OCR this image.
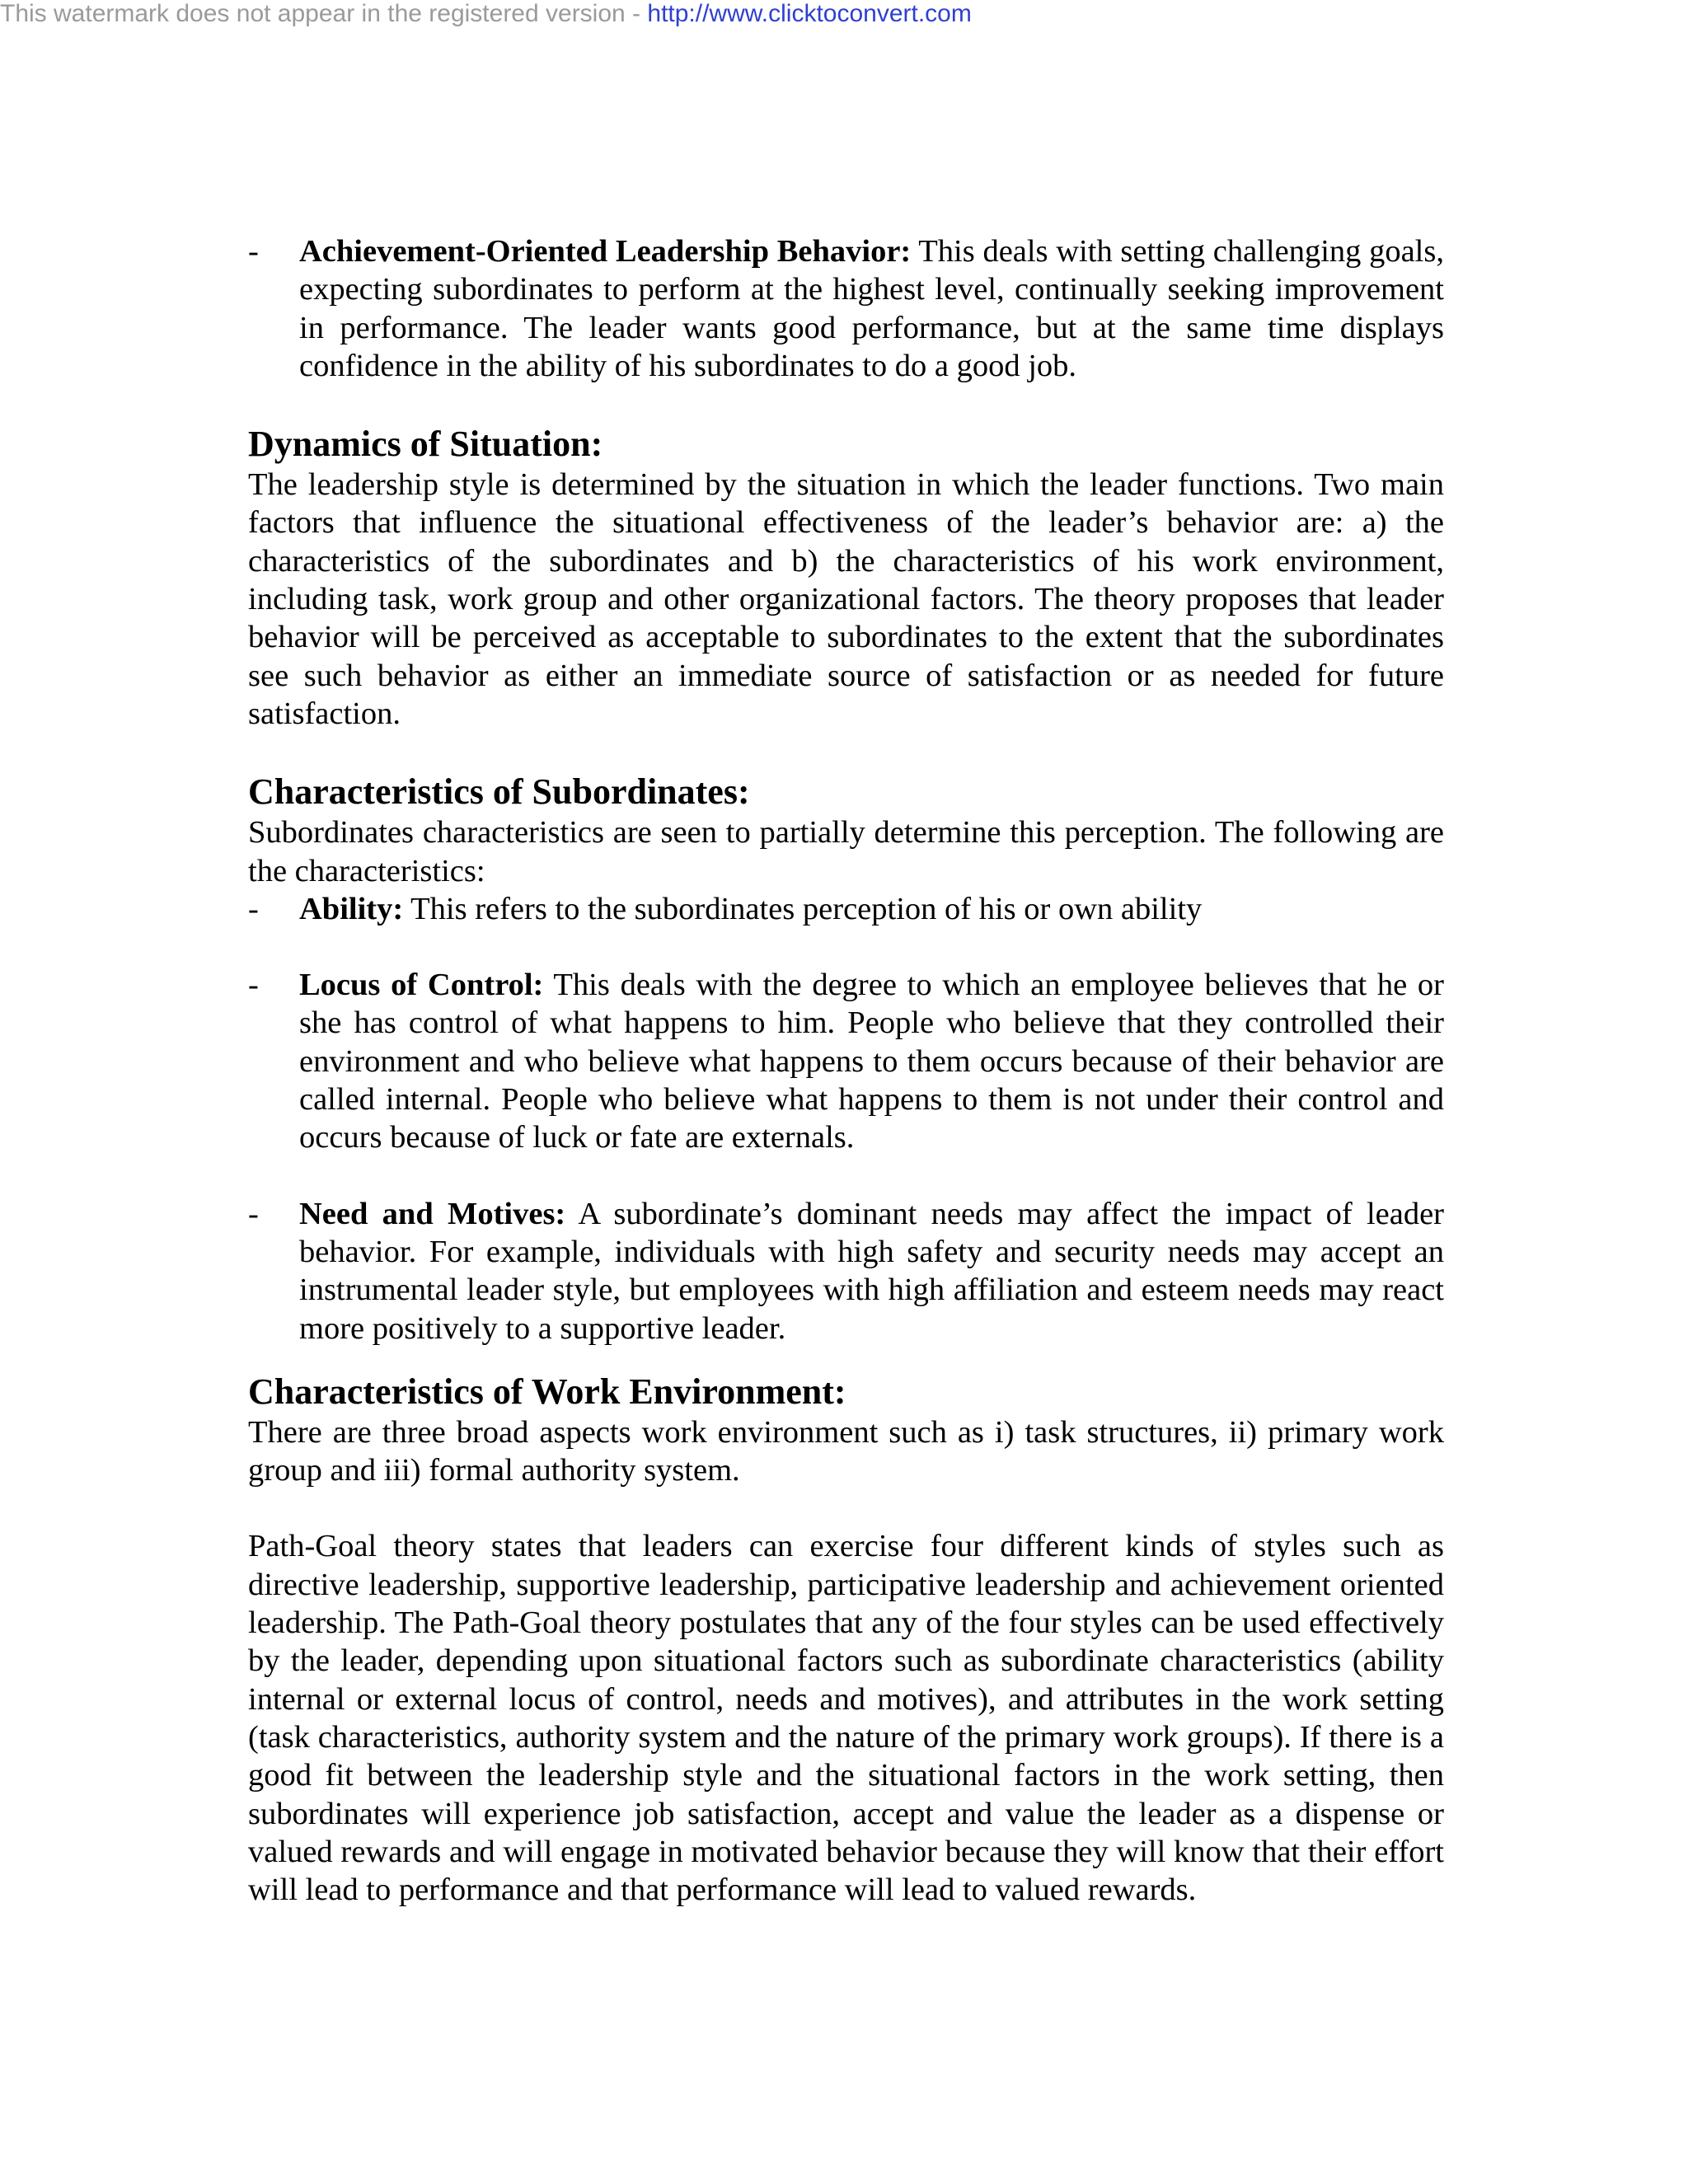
This watermark does not appear in the registered version - http://www.clicktoconvert.com

- Achievement-Oriented Leadership Behavior: This deals with setting challenging goals, expecting subordinates to perform at the highest level, continually seeking improvement in performance. The leader wants good performance, but at the same time displays confidence in the ability of his subordinates to do a good job.

Dynamics of Situation:

The leadership style is determined by the situation in which the leader functions. Two main factors that influence the situational effectiveness of the leader’s behavior are: a) the characteristics of the subordinates and b) the characteristics of his work environment, including task, work group and other organizational factors. The theory proposes that leader behavior will be perceived as acceptable to subordinates to the extent that the subordinates see such behavior as either an immediate source of satisfaction or as needed for future satisfaction.

Characteristics of Subordinates:

Subordinates characteristics are seen to partially determine this perception. The following are the characteristics:

- Ability: This refers to the subordinates perception of his or own ability

- Locus of Control: This deals with the degree to which an employee believes that he or she has control of what happens to him. People who believe that they controlled their environment and who believe what happens to them occurs because of their behavior are called internal. People who believe what happens to them is not under their control and occurs because of luck or fate are externals.

- Need and Motives: A subordinate’s dominant needs may affect the impact of leader behavior. For example, individuals with high safety and security needs may accept an instrumental leader style, but employees with high affiliation and esteem needs may react more positively to a supportive leader.

Characteristics of Work Environment:

There are three broad aspects work environment such as i) task structures, ii) primary work group and iii) formal authority system.

Path-Goal theory states that leaders can exercise four different kinds of styles such as directive leadership, supportive leadership, participative leadership and achievement oriented leadership. The Path-Goal theory postulates that any of the four styles can be used effectively by the leader, depending upon situational factors such as subordinate characteristics (ability internal or external locus of control, needs and motives), and attributes in the work setting (task characteristics, authority system and the nature of the primary work groups). If there is a good fit between the leadership style and the situational factors in the work setting, then subordinates will experience job satisfaction, accept and value the leader as a dispense or valued rewards and will engage in motivated behavior because they will know that their effort will lead to performance and that performance will lead to valued rewards.
